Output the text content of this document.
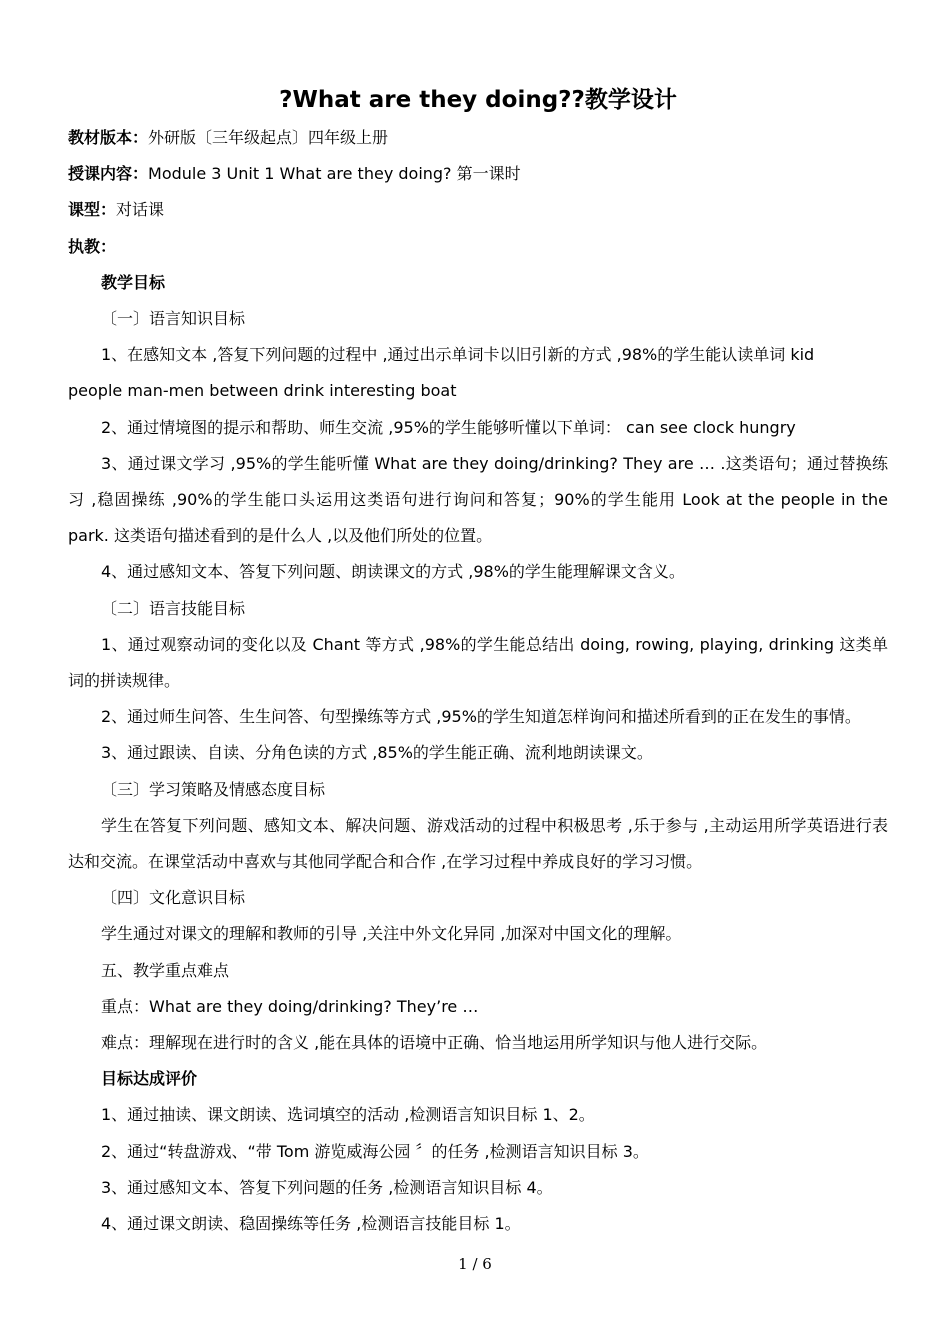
?What are they doing??教学设计

教材版本：外研版〔三年级起点〕四年级上册

授课内容：Module 3 Unit 1 What are they doing? 第一课时

课型：对话课

执教：

教学目标

〔一〕语言知识目标

1、在感知文本 ,答复下列问题的过程中 ,通过出示单词卡以旧引新的方式 ,98%的学生能认读单词 kid

people man-men between drink interesting boat

2、通过情境图的提示和帮助、师生交流 ,95%的学生能够听懂以下单词： can see clock hungry

3、通过课文学习 ,95%的学生能听懂 What are they doing/drinking? They are … .这类语句；通过替换练习 ,稳固操练 ,90%的学生能口头运用这类语句进行询问和答复；90%的学生能用 Look at the people in the park. 这类语句描述看到的是什么人 ,以及他们所处的位置。

4、通过感知文本、答复下列问题、朗读课文的方式 ,98%的学生能理解课文含义。

〔二〕语言技能目标

1、通过观察动词的变化以及 Chant 等方式 ,98%的学生能总结出 doing, rowing, playing, drinking 这类单词的拼读规律。

2、通过师生问答、生生问答、句型操练等方式 ,95%的学生知道怎样询问和描述所看到的正在发生的事情。

3、通过跟读、自读、分角色读的方式 ,85%的学生能正确、流利地朗读课文。

〔三〕学习策略及情感态度目标

学生在答复下列问题、感知文本、解决问题、游戏活动的过程中积极思考 ,乐于参与 ,主动运用所学英语进行表达和交流。在课堂活动中喜欢与其他同学配合和合作 ,在学习过程中养成良好的学习习惯。

〔四〕文化意识目标

学生通过对课文的理解和教师的引导 ,关注中外文化异同 ,加深对中国文化的理解。

五、教学重点难点

重点：What are they doing/drinking? They’re …

难点：理解现在进行时的含义 ,能在具体的语境中正确、恰当地运用所学知识与他人进行交际。

目标达成评价

1、通过抽读、课文朗读、选词填空的活动 ,检测语言知识目标 1、2。

2、通过“转盘游戏、“带 Tom 游览威海公园 〞的任务 ,检测语言知识目标 3。

3、通过感知文本、答复下列问题的任务 ,检测语言知识目标 4。

4、通过课文朗读、稳固操练等任务 ,检测语言技能目标 1。

1 / 6
